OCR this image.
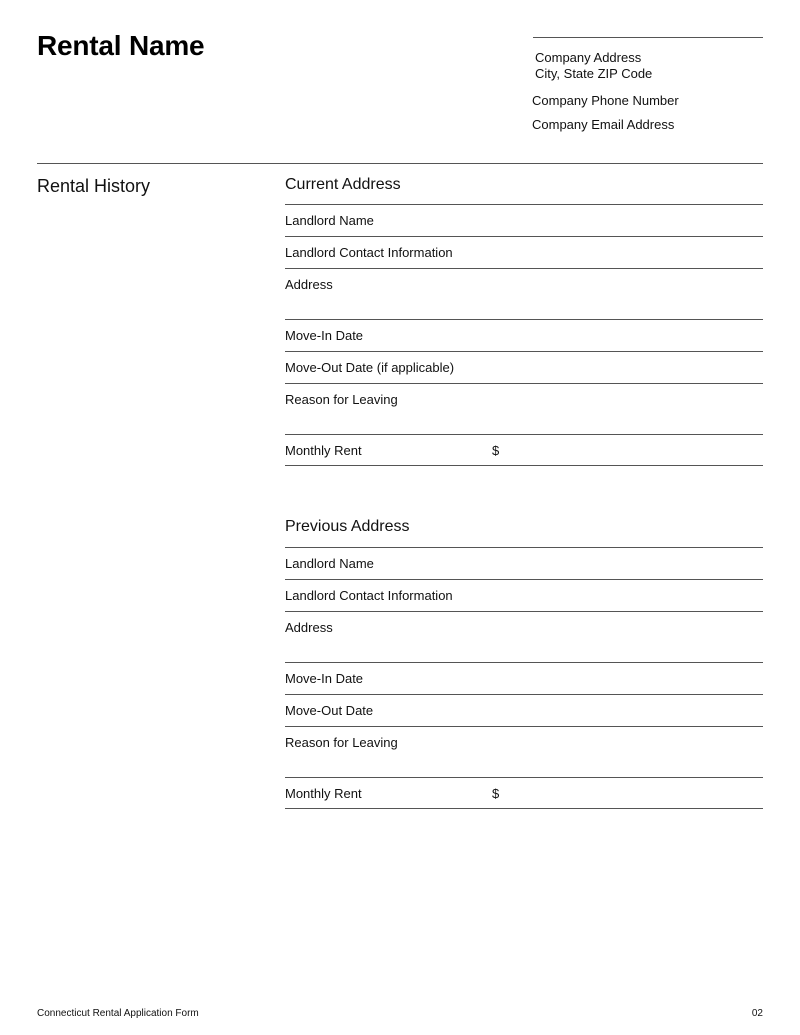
Rental Name	Company Address
City, State ZIP Code
Company Phone Number
Company Email Address
Rental History	Current Address
Landlord Name
Landlord Contact Information
Address
Move-In Date
Move-Out Date (if applicable)
Reason for Leaving
Monthly Rent	$
Previous Address
Landlord Name
Landlord Contact Information
Address
Move-In Date
Move-Out Date
Reason for Leaving
Monthly Rent	$
Connecticut Rental Application Form	02
